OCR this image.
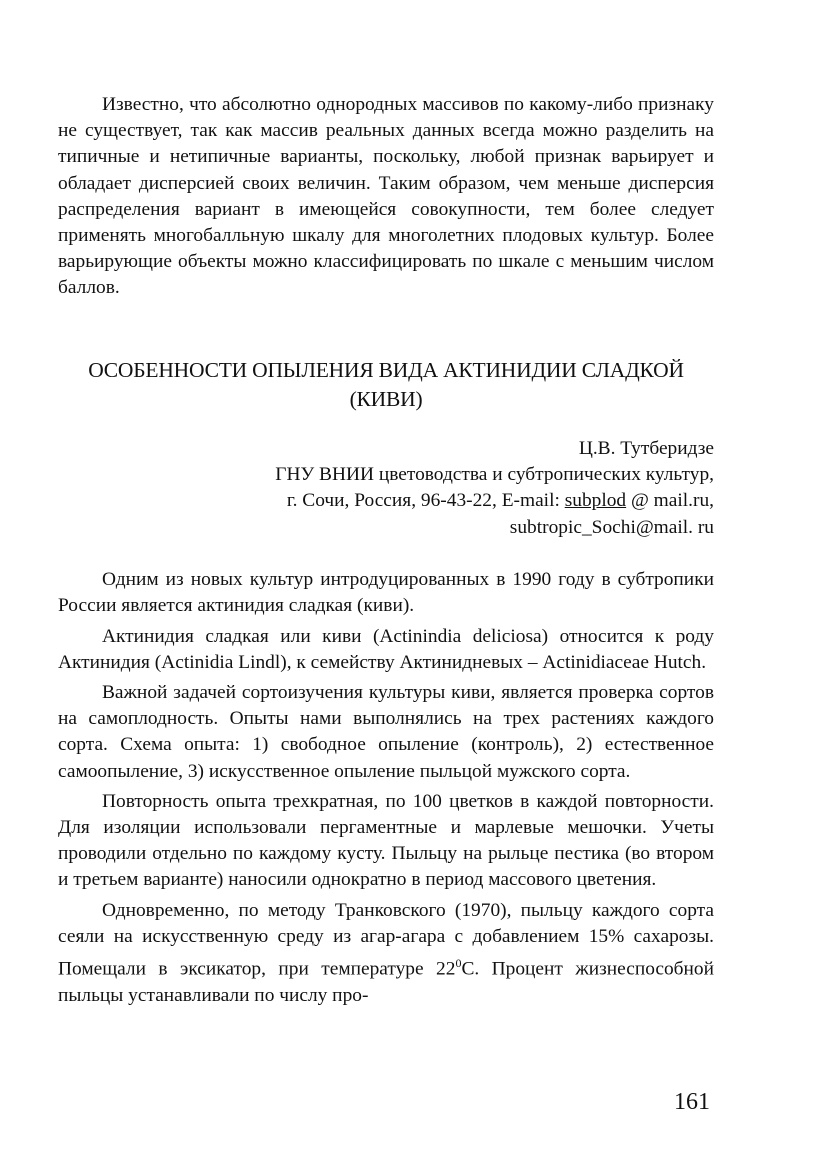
Известно, что абсолютно однородных массивов по какому-либо признаку не существует, так как массив реальных данных всегда можно разделить на типичные и нетипичные варианты, поскольку, любой признак варьирует и обладает дисперсией своих величин. Таким образом, чем меньше дисперсия распределения вариант в имеющейся совокупности, тем более следует применять многобалльную шкалу для многолетних плодовых культур. Более варьирующие объекты можно классифицировать по шкале с меньшим числом баллов.

ОСОБЕННОСТИ ОПЫЛЕНИЯ ВИДА АКТИНИДИИ СЛАДКОЙ
(КИВИ)
Ц.В. Тутберидзе
ГНУ ВНИИ цветоводства и субтропических культур,
г. Сочи, Россия, 96-43-22, E-mail: subplod @ mail.ru,
subtropic_Sochi@mail. ru

Одним из новых культур интродуцированных в 1990 году в субтропики России является актинидия сладкая (киви).

Актинидия сладкая или киви (Actinindia deliciosa) относится к роду Актинидия (Actinidia Lindl), к семейству Актинидневых – Actinidiaceae Hutch.

Важной задачей сортоизучения культуры киви, является проверка сортов на самоплодность. Опыты нами выполнялись на трех растениях каждого сорта. Схема опыта: 1) свободное опыление (контроль), 2) естественное самоопыление, 3) искусственное опыление пыльцой мужского сорта.

Повторность опыта трехкратная, по 100 цветков в каждой повторности. Для изоляции использовали пергаментные и марлевые мешочки. Учеты проводили отдельно по каждому кусту. Пыльцу на рыльце пестика (во втором и третьем варианте) наносили однократно в период массового цветения.

Одновременно, по методу Транковского (1970), пыльцу каждого сорта сеяли на искусственную среду из агар-агара с добавлением 15% сахарозы. Помещали в эксикатор, при температуре $22^0С$. Процент жизнеспособной пыльцы устанавливали по числу про-

161
